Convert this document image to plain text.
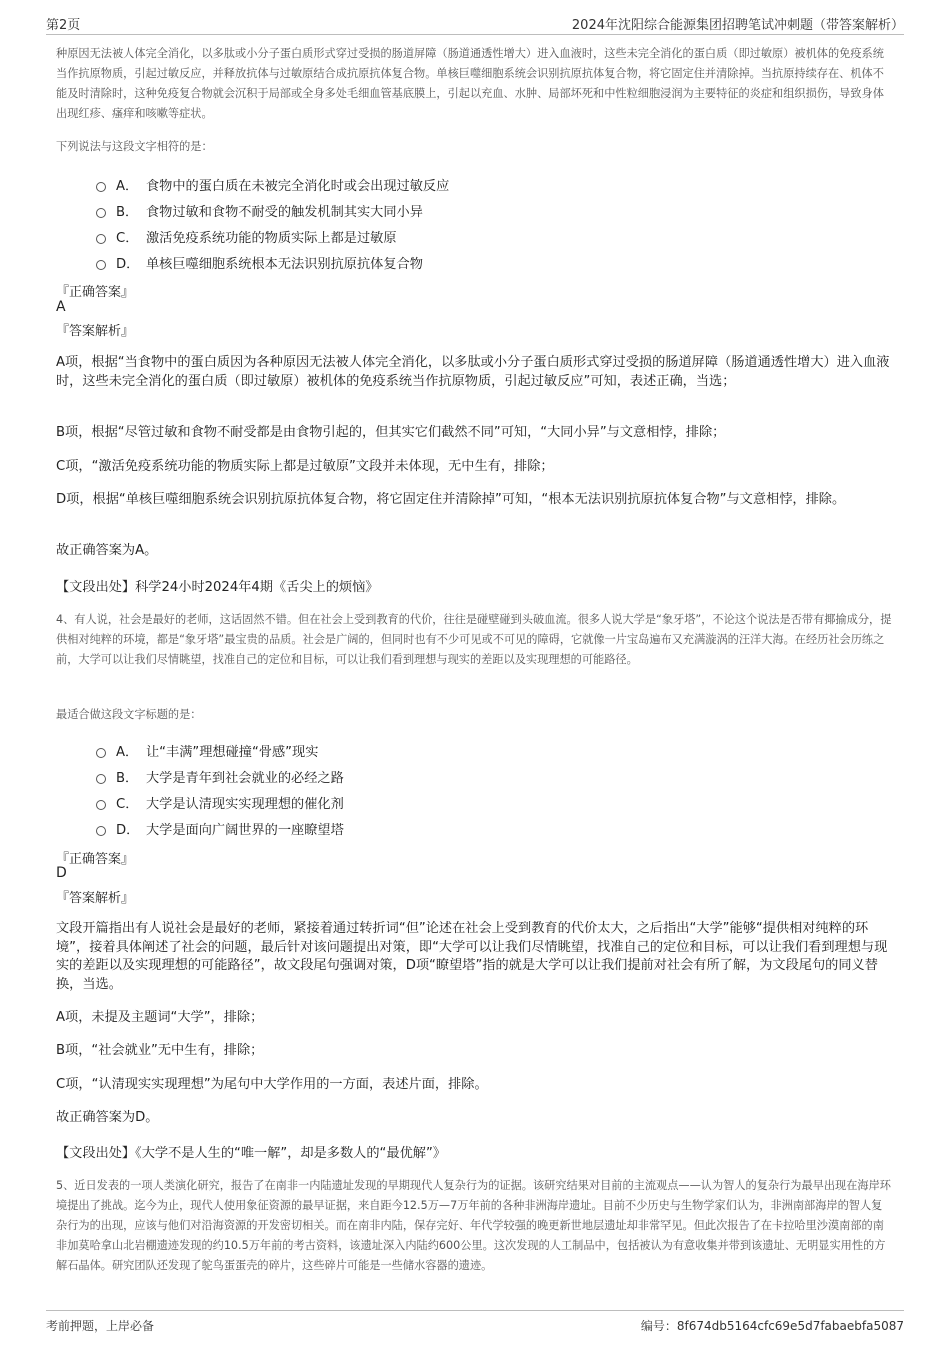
第2页	2024年沈阳综合能源集团招聘笔试冲刺题（带答案解析）
种原因无法被人体完全消化，以多肽或小分子蛋白质形式穿过受损的肠道屏障（肠道通透性增大）进入血液时，这些未完全消化的蛋白质（即过敏原）被机体的免疫系统当作抗原物质，引起过敏反应，并释放抗体与过敏原结合成抗原抗体复合物。单核巨噬细胞系统会识别抗原抗体复合物，将它固定住并清除掉。当抗原持续存在、机体不能及时清除时，这种免疫复合物就会沉积于局部或全身多处毛细血管基底膜上，引起以充血、水肿、局部坏死和中性粒细胞浸润为主要特征的炎症和组织损伤，导致身体出现红疹、瘙痒和咳嗽等症状。
下列说法与这段文字相符的是：
A． 食物中的蛋白质在未被完全消化时或会出现过敏反应
B． 食物过敏和食物不耐受的触发机制其实大同小异
C． 激活免疫系统功能的物质实际上都是过敏原
D． 单核巨噬细胞系统根本无法识别抗原抗体复合物
『正确答案』
A
『答案解析』
A项，根据“当食物中的蛋白质因为各种原因无法被人体完全消化，以多肽或小分子蛋白质形式穿过受损的肠道屏障（肠道通透性增大）进入血液时，这些未完全消化的蛋白质（即过敏原）被机体的免疫系统当作抗原物质，引起过敏反应”可知，表述正确，当选；
B项，根据“尽管过敏和食物不耐受都是由食物引起的，但其实它们截然不同”可知，“大同小异”与文意相悖，排除；
C项，“激活免疫系统功能的物质实际上都是过敏原”文段并未体现，无中生有，排除；
D项，根据“单核巨噬细胞系统会识别抗原抗体复合物，将它固定住并清除掉”可知，“根本无法识别抗原抗体复合物”与文意相悖，排除。
故正确答案为A。
【文段出处】科学24小时2024年4期《舌尖上的烦恼》
4、有人说，社会是最好的老师，这话固然不错。但在社会上受到教育的代价，往往是碰壁碰到头破血流。很多人说大学是“象牙塔”，不论这个说法是否带有揶揄成分，提供相对纯粹的环境，都是“象牙塔”最宝贵的品质。社会是广阔的，但同时也有不少可见或不可见的障碍，它就像一片宝岛遍布又充满漩涡的汪洋大海。在经历社会历练之前，大学可以让我们尽情眺望，找准自己的定位和目标，可以让我们看到理想与现实的差距以及实现理想的可能路径。
最适合做这段文字标题的是：
A． 让“丰满”理想碰撞“骨感”现实
B． 大学是青年到社会就业的必经之路
C． 大学是认清现实实现理想的催化剂
D． 大学是面向广阔世界的一座瞭望塔
『正确答案』
D
『答案解析』
文段开篇指出有人说社会是最好的老师，紧接着通过转折词“但”论述在社会上受到教育的代价太大，之后指出“大学”能够“提供相对纯粹的环境”，接着具体阐述了社会的问题，最后针对该问题提出对策，即“大学可以让我们尽情眺望，找准自己的定位和目标，可以让我们看到理想与现实的差距以及实现理想的可能路径”，故文段尾句强调对策，D项“瞭望塔”指的就是大学可以让我们提前对社会有所了解，为文段尾句的同义替换，当选。
A项，未提及主题词“大学”，排除；
B项，“社会就业”无中生有，排除；
C项，“认清现实实现理想”为尾句中大学作用的一方面，表述片面，排除。
故正确答案为D。
【文段出处】《大学不是人生的“唯一解”，却是多数人的“最优解”》
5、近日发表的一项人类演化研究，报告了在南非一内陆遗址发现的早期现代人复杂行为的证据。该研究结果对目前的主流观点——认为智人的复杂行为最早出现在海岸环境提出了挑战。迄今为止，现代人使用象征资源的最早证据，来自距今12.5万—7万年前的各种非洲海岸遗址。目前不少历史与生物学家们认为，非洲南部海岸的智人复杂行为的出现，应该与他们对沿海资源的开发密切相关。而在南非内陆，保存完好、年代学较强的晚更新世地层遗址却非常罕见。但此次报告了在卡拉哈里沙漠南部的南非加莫哈拿山北岩棚遗迹发现的约10.5万年前的考古资料，该遗址深入内陆约600公里。这次发现的人工制品中，包括被认为有意收集并带到该遗址、无明显实用性的方解石晶体。研究团队还发现了鸵鸟蛋蛋壳的碎片，这些碎片可能是一些储水容器的遗迹。
考前押题，上岸必备	编号：8f674db5164cfc69e5d7fabaebfa5087
